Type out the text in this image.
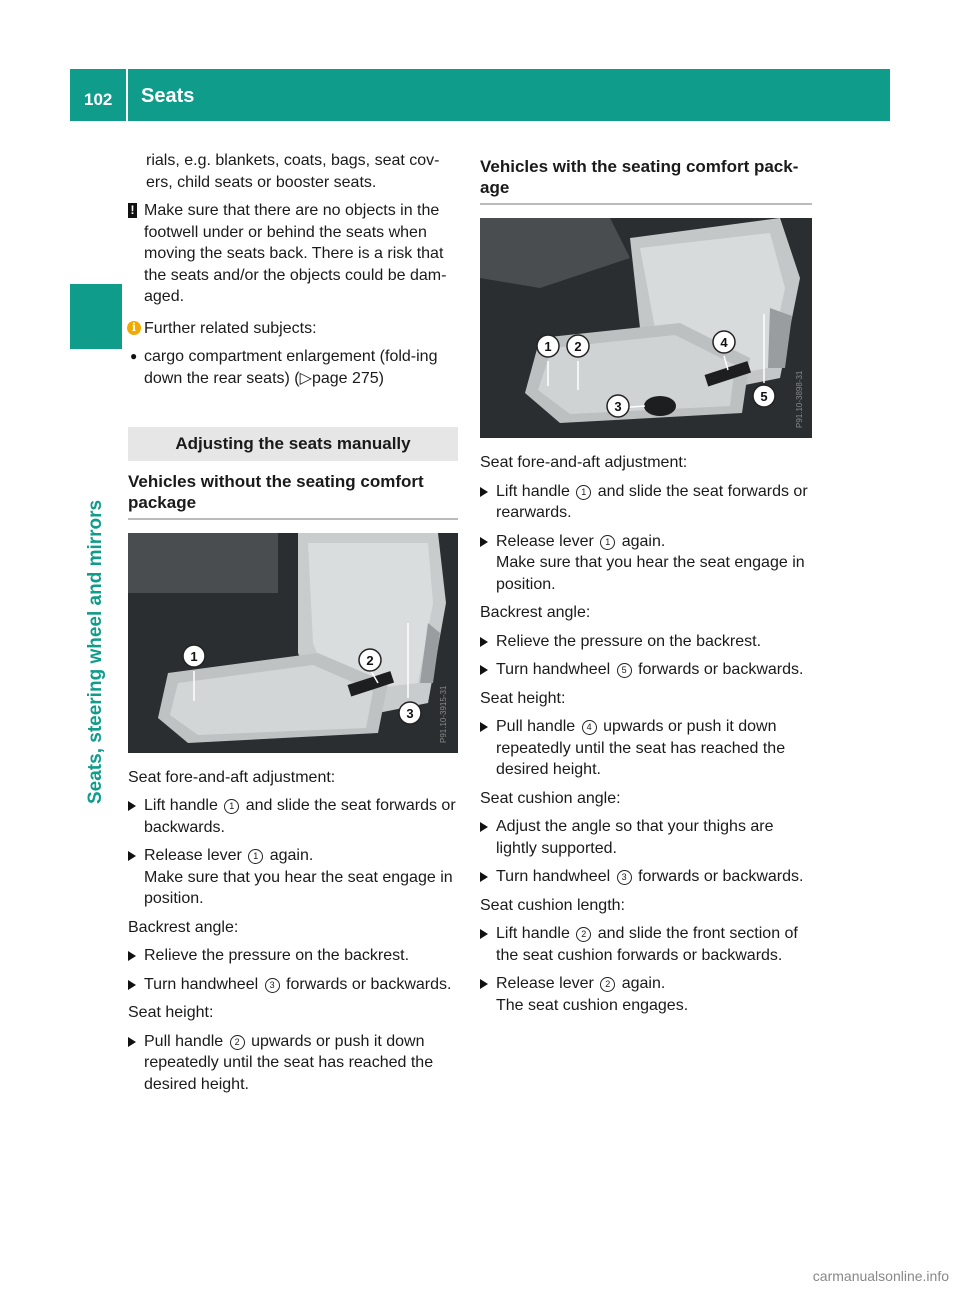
102 Seats
Seats, steering wheel and mirrors

rials, e.g. blankets, coats, bags, seat cov-ers, child seats or booster seats.

! Make sure that there are no objects in the footwell under or behind the seats when moving the seats back. There is a risk that the seats and/or the objects could be dam-aged.
i Further related subjects:
● cargo compartment enlargement (fold-ing down the rear seats) (▷page 275)
Adjusting the seats manually
Vehicles without the seating comfort package
1	2
3	P91.10-3915-31

Seat fore-and-aft adjustment:

Lift handle 1 and slide the seat forwards or backwards.
Release lever 1 again.
Make sure that you hear the seat engage in position.

Backrest angle:

Relieve the pressure on the backrest.
Turn handwheel 3 forwards or backwards.

Seat height:

Pull handle 2 upwards or push it down repeatedly until the seat has reached the desired height.
Vehicles with the seating comfort pack-age
1 2
3
4
5	P91.10-3898-31

Seat fore-and-aft adjustment:

Lift handle 1 and slide the seat forwards or rearwards.
Release lever 1 again.
Make sure that you hear the seat engage in position.

Backrest angle:

Relieve the pressure on the backrest.
Turn handwheel 5 forwards or backwards.

Seat height:

Pull handle 4 upwards or push it down repeatedly until the seat has reached the desired height.

Seat cushion angle:

Adjust the angle so that your thighs are lightly supported.
Turn handwheel 3 forwards or backwards.

Seat cushion length:

Lift handle 2 and slide the front section of the seat cushion forwards or backwards.
Release lever 2 again.
The seat cushion engages.
carmanualsonline.info
